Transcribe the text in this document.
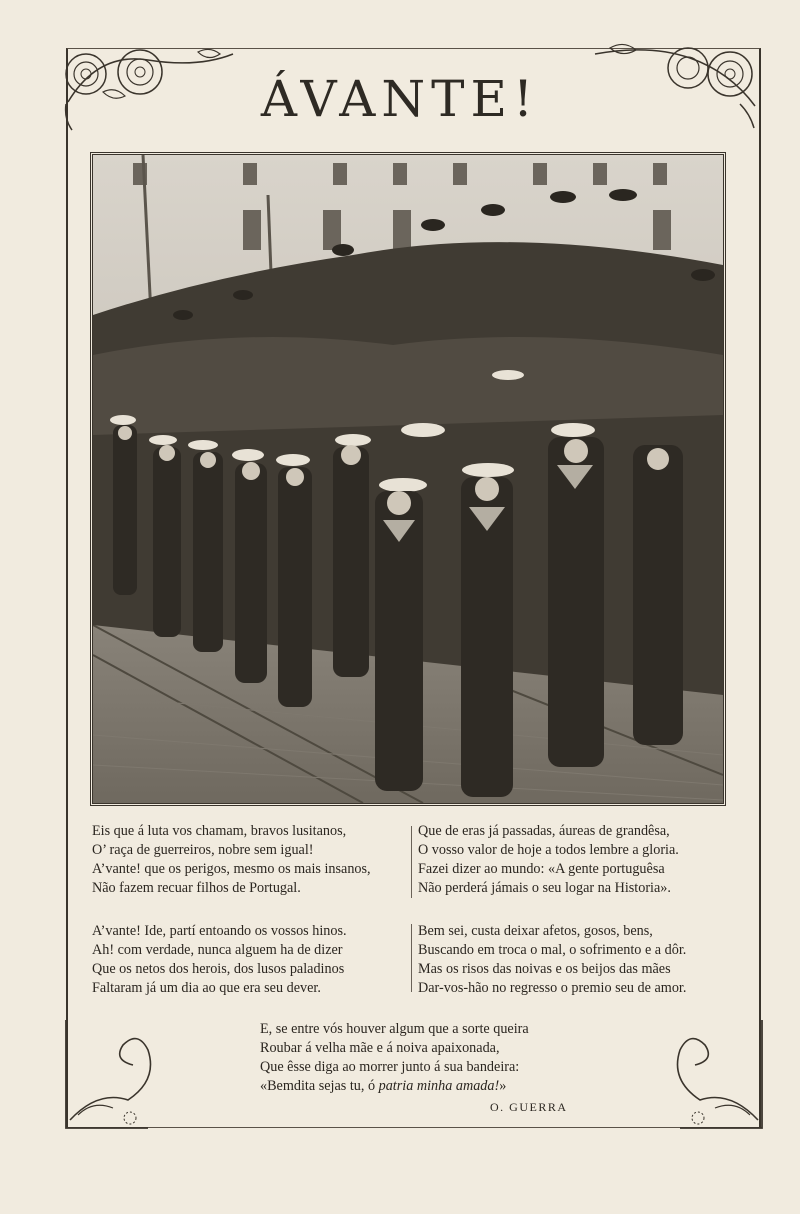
ÁVANTE!
Eis que á luta vos chamam, bravos lusitanos,
O’ raça de guerreiros, nobre sem igual!
A’vante! que os perigos, mesmo os mais insanos,
Não fazem recuar filhos de Portugal.
Que de eras já passadas, áureas de grandêsa,
O vosso valor de hoje a todos lembre a gloria.
Fazei dizer ao mundo: «A gente portuguêsa
Não perderá jámais o seu logar na Historia».
A’vante! Ide, partí entoando os vossos hinos.
Ah! com verdade, nunca alguem ha de dizer
Que os netos dos herois, dos lusos paladinos
Faltaram já um dia ao que era seu dever.
Bem sei, custa deixar afetos, gosos, bens,
Buscando em troca o mal, o sofrimento e a dôr.
Mas os risos das noivas e os beijos das mães
Dar-vos-hão no regresso o premio seu de amor.
E, se entre vós houver algum que a sorte queira
Roubar á velha mãe e á noiva apaixonada,
Que êsse diga ao morrer junto á sua bandeira:
«Bemdita sejas tu, ó patria minha amada!»
O. GUERRA
